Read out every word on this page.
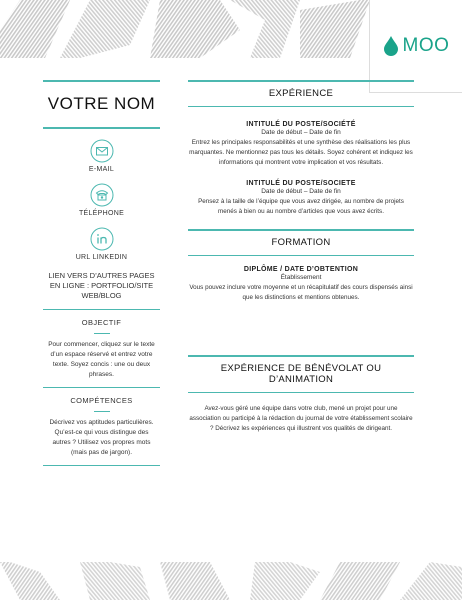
MOO
VOTRE NOM
E-MAIL
TÉLÉPHONE
URL LINKEDIN
LIEN VERS D’AUTRES PAGES EN LIGNE : PORTFOLIO/SITE WEB/BLOG
OBJECTIF
Pour commencer, cliquez sur le texte d’un espace réservé et entrez votre texte. Soyez concis : une ou deux phrases.
COMPÉTENCES
Décrivez vos aptitudes particulières. Qu’est-ce qui vous distingue des autres ? Utilisez vos propres mots (mais pas de jargon).
EXPÉRIENCE
INTITULÉ DU POSTE/SOCIÉTÉ
Date de début – Date de fin
Entrez les principales responsabilités et une synthèse des réalisations les plus marquantes. Ne mentionnez pas tous les détails. Soyez cohérent et indiquez les informations qui montrent votre implication et vos résultats.
INTITULÉ DU POSTE/SOCIETE
Date de début – Date de fin
Pensez à la taille de l’équipe que vous avez dirigée, au nombre de projets menés à bien ou au nombre d’articles que vous avez écrits.
FORMATION
DIPLÔME / DATE D’OBTENTION
Établissement
Vous pouvez inclure votre moyenne et un récapitulatif des cours dispensés ainsi que les distinctions et mentions obtenues.
EXPÉRIENCE DE BÉNÉVOLAT OU D’ANIMATION
Avez-vous géré une équipe dans votre club, mené un projet pour une association ou participé à la rédaction du journal de votre établissement scolaire ? Décrivez les expériences qui illustrent vos qualités de dirigeant.
